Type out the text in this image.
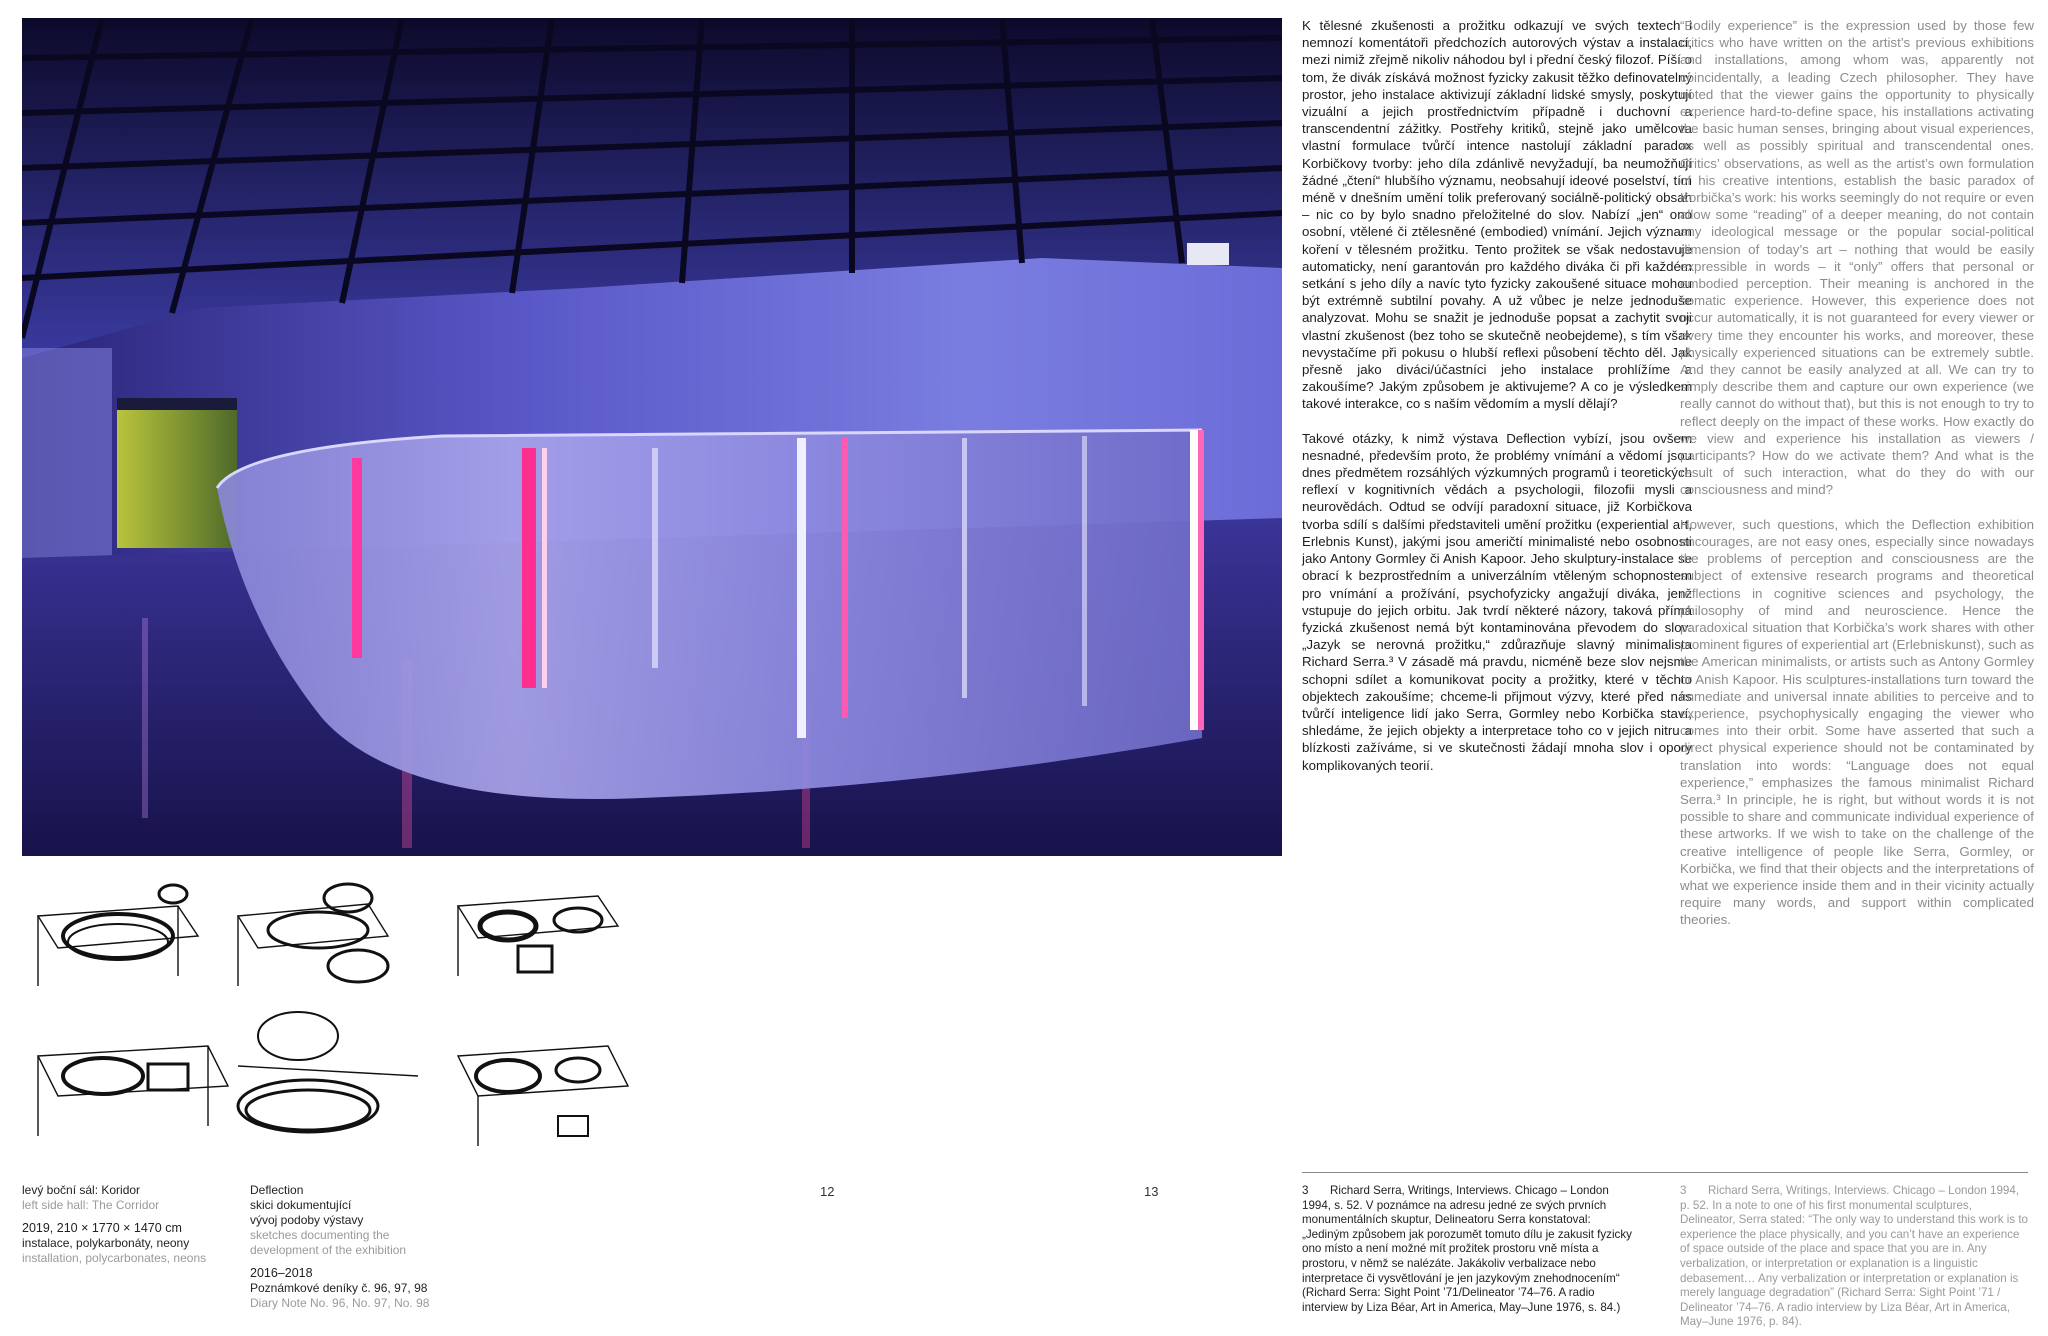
K tělesné zkušenosti a prožitku odkazují ve svých textech i nemnozí komentátoři předchozích autorových výstav a instalací, mezi nimiž zřejmě nikoliv náhodou byl i přední český filozof. Píší o tom, že divák získává možnost fyzicky zakusit těžko definovatelný prostor, jeho instalace aktivizují základní lidské smysly, poskytují vizuální a jejich prostřednictvím případně i duchovní a transcendentní zážitky. Postřehy kritiků, stejně jako umělcova vlastní formulace tvůrčí intence nastolují základní paradox Korbičkovy tvorby: jeho díla zdánlivě nevyžadují, ba neumožňují žádné „čtení“ hlubšího významu, neobsahují ideové poselství, tím méně v dnešním umění tolik preferovaný sociálně-politický obsah – nic co by bylo snadno přeložitelné do slov. Nabízí „jen“ ono osobní, vtělené či ztělesněné (embodied) vnímání. Jejich význam koření v tělesném prožitku. Tento prožitek se však nedostavuje automaticky, není garantován pro každého diváka či při každém setkání s jeho díly a navíc tyto fyzicky zakoušené situace mohou být extrémně subtilní povahy. A už vůbec je nelze jednoduše analyzovat. Mohu se snažit je jednoduše popsat a zachytit svoji vlastní zkušenost (bez toho se skutečně neobejdeme), s tím však nevystačíme při pokusu o hlubší reflexi působení těchto děl. Jak přesně jako diváci/účastníci jeho instalace prohlížíme a zakoušíme? Jakým způsobem je aktivujeme? A co je výsledkem takové interakce, co s naším vědomím a myslí dělají?

Takové otázky, k nimž výstava Deflection vybízí, jsou ovšem nesnadné, především proto, že problémy vnímání a vědomí jsou dnes předmětem rozsáhlých výzkumných programů i teoretických reflexí v kognitivních vědách a psychologii, filozofii mysli a neurovědách. Odtud se odvíjí paradoxní situace, již Korbičkova tvorba sdílí s dalšími představiteli umění prožitku (experiential art, Erlebnis Kunst), jakými jsou američtí minimalisté nebo osobnosti jako Antony Gormley či Anish Kapoor. Jeho skulptury-instalace se obrací k bezprostředním a univerzálním vtěleným schopnostem pro vnímání a prožívání, psychofyzicky angažují diváka, jenž vstupuje do jejich orbitu. Jak tvrdí některé názory, taková přímá fyzická zkušenost nemá být kontaminována převodem do slov: „Jazyk se nerovná prožitku,“ zdůrazňuje slavný minimalista Richard Serra.³ V zásadě má pravdu, nicméně beze slov nejsme schopni sdílet a komunikovat pocity a prožitky, které v těchto objektech zakoušíme; chceme-li přijmout výzvy, které před nás tvůrčí inteligence lidí jako Serra, Gormley nebo Korbička staví, shledáme, že jejich objekty a interpretace toho co v jejich nitru a blízkosti zažíváme, si ve skutečnosti žádají mnoha slov i opory komplikovaných teorií.

“Bodily experience” is the expression used by those few critics who have written on the artist’s previous exhibitions and installations, among whom was, apparently not coincidentally, a leading Czech philosopher. They have noted that the viewer gains the opportunity to physically experience hard-to-define space, his installations activating the basic human senses, bringing about visual experiences, as well as possibly spiritual and transcendental ones. Critics’ observations, as well as the artist’s own formulation of his creative intentions, establish the basic paradox of Korbička’s work: his works seemingly do not require or even allow some “reading” of a deeper meaning, do not contain any ideological message or the popular social-political dimension of today’s art – nothing that would be easily expressible in words – it “only” offers that personal or embodied perception. Their meaning is anchored in the somatic experience. However, this experience does not occur automatically, it is not guaranteed for every viewer or every time they encounter his works, and moreover, these physically experienced situations can be extremely subtle. And they cannot be easily analyzed at all. We can try to simply describe them and capture our own experience (we really cannot do without that), but this is not enough to try to reflect deeply on the impact of these works. How exactly do we view and experience his installation as viewers / participants? How do we activate them? And what is the result of such interaction, what do they do with our consciousness and mind?

However, such questions, which the Deflection exhibition encourages, are not easy ones, especially since nowadays the problems of perception and consciousness are the subject of extensive research programs and theoretical reflections in cognitive sciences and psychology, the philosophy of mind and neuroscience. Hence the paradoxical situation that Korbička’s work shares with other prominent figures of experiential art (Erlebniskunst), such as the American minimalists, or artists such as Antony Gormley or Anish Kapoor. His sculptures-installations turn toward the immediate and universal innate abilities to perceive and to experience, psychophysically engaging the viewer who comes into their orbit. Some have asserted that such a direct physical experience should not be contaminated by translation into words: “Language does not equal experience,” emphasizes the famous minimalist Richard Serra.³ In principle, he is right, but without words it is not possible to share and communicate individual experience of these artworks. If we wish to take on the challenge of the creative intelligence of people like Serra, Gormley, or Korbička, we find that their objects and the interpretations of what we experience inside them and in their vicinity actually require many words, and support within complicated theories.

levý boční sál: Koridor
left side hall: The Corridor
2019, 210 × 1770 × 1470 cm
instalace, polykarbonáty, neony
installation, polycarbonates, neons
Deflection
skici dokumentující
vývoj podoby výstavy
sketches documenting the
development of the exhibition
2016–2018
Poznámkové deníky č. 96, 97, 98
Diary Note No. 96, No. 97, No. 98
12	13	3 Richard Serra, Writings, Interviews. Chicago – London 1994, s. 52. V poznámce na adresu jedné ze svých prvních monumentálních skuptur, Delineatoru Serra konstatoval: „Jediným způsobem jak porozumět tomuto dílu je zakusit fyzicky ono místo a není možné mít prožitek prostoru vně místa a prostoru, v němž se nalézáte. Jakákoliv verbalizace nebo interpretace či vysvětlování je jen jazykovým znehodnocením“ (Richard Serra: Sight Point ’71/Delineator ’74–76. A radio interview by Liza Béar, Art in America, May–June 1976, s. 84.)
3 Richard Serra, Writings, Interviews. Chicago – London 1994, p. 52. In a note to one of his first monumental sculptures, Delineator, Serra stated: “The only way to understand this work is to experience the place physically, and you can’t have an experience of space outside of the place and space that you are in. Any verbalization, or interpretation or explanation is a linguistic debasement… Any verbalization or interpretation or explanation is merely language degradation” (Richard Serra: Sight Point ’71 / Delineator ’74–76. A radio interview by Liza Béar, Art in America, May–June 1976, p. 84).
